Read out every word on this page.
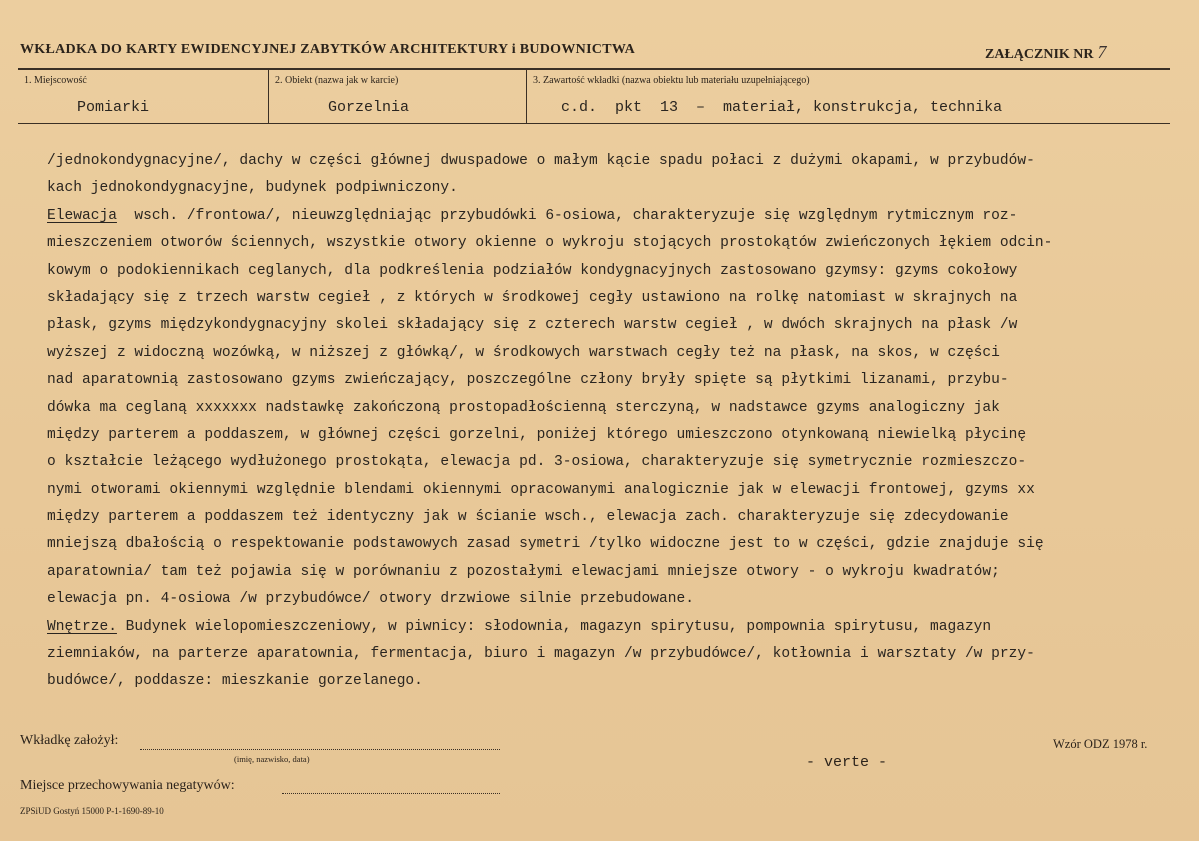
WKŁADKA DO KARTY EWIDENCYJNEJ ZABYTKÓW ARCHITEKTURY i BUDOWNICTWA	ZAŁĄCZNIK NR 7
1. Miejscowość	2. Obiekt (nazwa jak w karcie)	3. Zawartość wkładki (nazwa obiektu lub materiału uzupełniającego)
Pomiarki	Gorzelnia	c.d.  pkt  13  –  materiał, konstrukcja, technika
/jednokondygnacyjne/, dachy w części głównej dwuspadowe o małym kącie spadu połaci z dużymi okapami, w przybudów-
kach jednokondygnacyjne, budynek podpiwniczony.
Elewacja  wsch. /frontowa/, nieuwzględniając przybudówki 6-osiowa, charakteryzuje się względnym rytmicznym roz-
mieszczeniem otworów ściennych, wszystkie otwory okienne o wykroju stojących prostokątów zwieńczonych łękiem odcin-
kowym o podokiennikach ceglanych, dla podkreślenia podziałów kondygnacyjnych zastosowano gzymsy: gzyms cokołowy
składający się z trzech warstw cegieł , z których w środkowej cegły ustawiono na rolkę natomiast w skrajnych na
płask, gzyms międzykondygnacyjny skolei składający się z czterech warstw cegieł , w dwóch skrajnych na płask /w
wyższej z widoczną wozówką, w niższej z główką/, w środkowych warstwach cegły też na płask, na skos, w części
nad aparatownią zastosowano gzyms zwieńczający, poszczególne człony bryły spięte są płytkimi lizanami, przybu-
dówka ma ceglaną xxxxxxx nadstawkę zakończoną prostopadłościenną sterczyną, w nadstawce gzyms analogiczny jak
między parterem a poddaszem, w głównej części gorzelni, poniżej którego umieszczono otynkowaną niewielką płycinę
o kształcie leżącego wydłużonego prostokąta, elewacja pd. 3-osiowa, charakteryzuje się symetrycznie rozmieszczo-
nymi otworami okiennymi względnie blendami okiennymi opracowanymi analogicznie jak w elewacji frontowej, gzyms xx
między parterem a poddaszem też identyczny jak w ścianie wsch., elewacja zach. charakteryzuje się zdecydowanie
mniejszą dbałością o respektowanie podstawowych zasad symetri /tylko widoczne jest to w części, gdzie znajduje się
aparatownia/ tam też pojawia się w porównaniu z pozostałymi elewacjami mniejsze otwory - o wykroju kwadratów;
elewacja pn. 4-osiowa /w przybudówce/ otwory drzwiowe silnie przebudowane.
Wnętrze. Budynek wielopomieszczeniowy, w piwnicy: słodownia, magazyn spirytusu, pompownia spirytusu, magazyn
ziemniaków, na parterze aparatownia, fermentacja, biuro i magazyn /w przybudówce/, kotłownia i warsztaty /w przy-
budówce/, poddasze: mieszkanie gorzelanego.
Wkładkę założył:
(imię, nazwisko, data)	- verte -
Wzór ODZ 1978 r.
Miejsce przechowywania negatywów:
ZPSiUD Gostyń 15000 P-1-1690-89-10
